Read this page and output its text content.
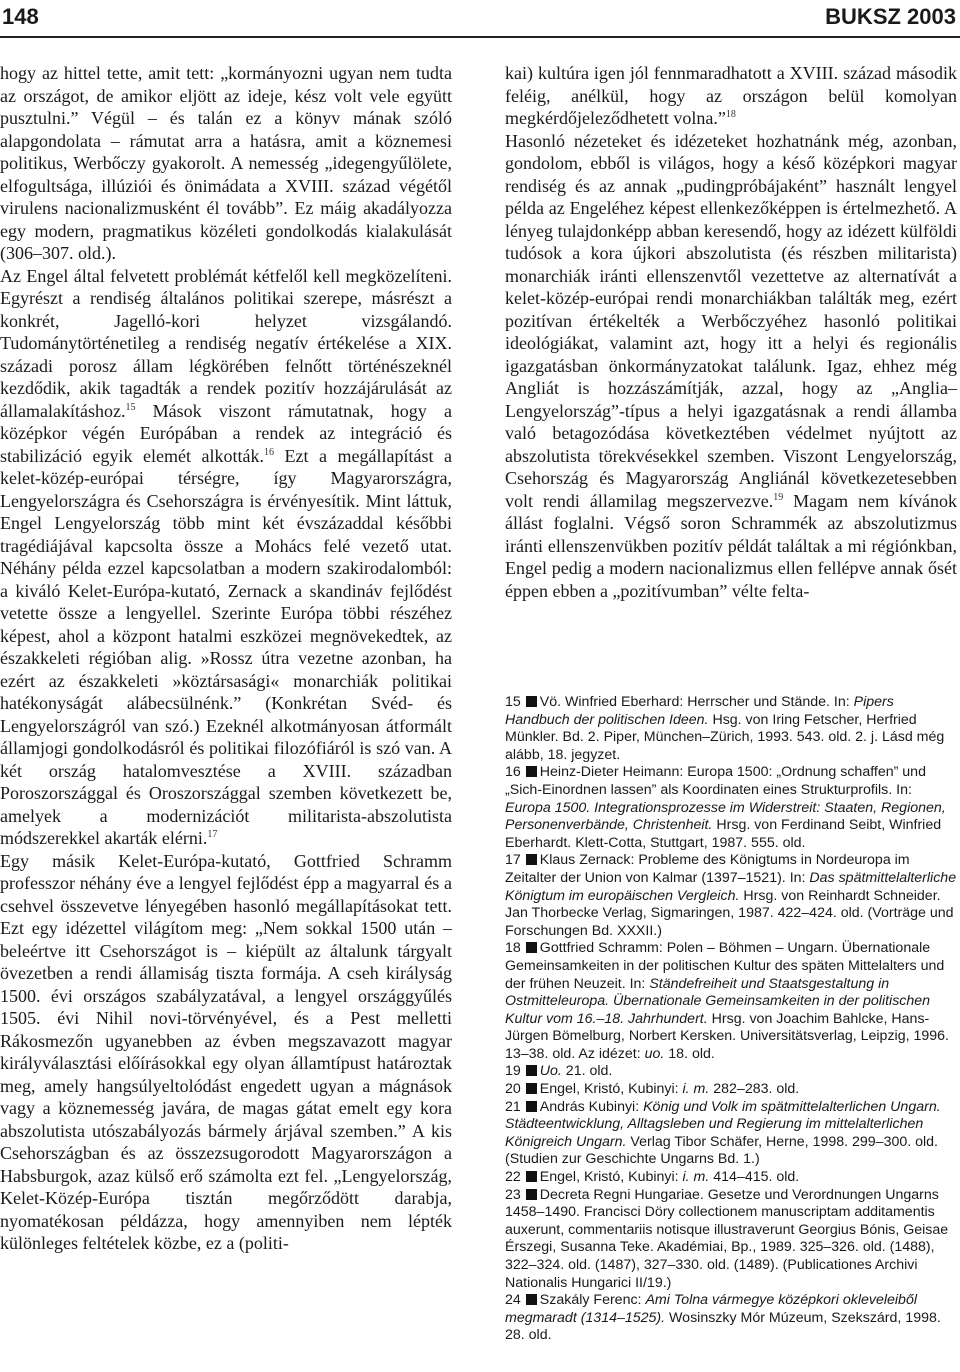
148	BUKSZ 2003

hogy az hittel tette, amit tett: „kormányozni ugyan nem tudta az országot, de amikor eljött az ideje, kész volt vele együtt pusztulni.” Végül – és talán ez a könyv mának szóló alapgondolata – rámutat arra a hatásra, amit a köznemesi politikus, Werbőczy gyakorolt. A nemesség „idegengyűlölete, elfogultsága, illúziói és önimádata a XVIII. század végétől virulens nacionalizmusként él tovább”. Ez máig akadályozza egy modern, pragmatikus közéleti gondolkodás kialakulását (306–307. old.).

Az Engel által felvetett problémát kétfelől kell megközelíteni. Egyrészt a rendiség általános politikai szerepe, másrészt a konkrét, Jagelló-kori helyzet vizsgálandó. Tudománytörténetileg a rendiség negatív értékelése a XIX. századi porosz állam légkörében felnőtt történészeknél kezdődik, akik tagadták a rendek pozitív hozzájárulását az államalakításhoz.$^{15}$ Mások viszont rámutatnak, hogy a középkor végén Európában a rendek az integráció és stabilizáció egyik elemét alkották.$^{16}$ Ezt a megállapítást a kelet-közép-európai térségre, így Magyarországra, Lengyelországra és Csehországra is érvényesítik. Mint láttuk, Engel Lengyelország több mint két évszázaddal későbbi tragédiájával kapcsolta össze a Mohács felé vezető utat. Néhány példa ezzel kapcsolatban a modern szakirodalomból: a kiváló Kelet-Európa-kutató, Zernack a skandináv fejlődést vetette össze a lengyellel. Szerinte Európa többi részéhez képest, ahol a központ hatalmi eszközei megnövekedtek, az északkeleti régióban alig. »Rossz útra vezetne azonban, ha ezért az északkeleti »köztársasági« monarchiák politikai hatékonyságát alábecsülnénk.” (Konkrétan Svéd- és Lengyelországról van szó.) Ezeknél alkotmányosan átformált államjogi gondolkodásról és politikai filozófiáról is szó van. A két ország hatalomvesztése a XVIII. században Poroszországgal és Oroszországgal szemben következett be, amelyek a modernizációt militarista-abszolutista módszerekkel akarták elérni.$^{17}$

Egy másik Kelet-Európa-kutató, Gottfried Schramm professzor néhány éve a lengyel fejlődést épp a magyarral és a csehvel összevetve lényegében hasonló megállapításokat tett. Ezt egy idézettel világítom meg: „Nem sokkal 1500 után – beleértve itt Csehországot is – kiépült az általunk tárgyalt övezetben a rendi államiság tiszta formája. A cseh királyság 1500. évi országos szabályzatával, a lengyel országgyűlés 1505. évi Nihil novi-törvényével, és a Pest melletti Rákosmezőn ugyanebben az évben megszavazott magyar királyválasztási előírásokkal egy olyan államtípust határoztak meg, amely hangsúlyeltolódást engedett ugyan a mágnások vagy a köznemesség javára, de magas gátat emelt egy kora abszolutista utószabályozás bármely árjával szemben.” A kis Csehországban és az összezsugorodott Magyarországon a Habsburgok, azaz külső erő számolta ezt fel. „Lengyelország, Kelet-Közép-Európa tisztán megőrződött darabja, nyomatékosan példázza, hogy amennyiben nem lépték különleges feltételek közbe, ez a (politi-

kai) kultúra igen jól fennmaradhatott a XVIII. század második feléig, anélkül, hogy az országon belül komolyan megkérdőjeleződhetett volna.”$^{18}$

Hasonló nézeteket és idézeteket hozhatnánk még, azonban, gondolom, ebből is világos, hogy a késő középkori magyar rendiség és az annak „pudingpróbájaként” használt lengyel példa az Engeléhez képest ellenkezőképpen is értelmezhető. A lényeg tulajdonképp abban keresendő, hogy az idézett külföldi tudósok a kora újkori abszolutista (és részben militarista) monarchiák iránti ellenszenvtől vezettetve az alternatívát a kelet-közép-európai rendi monarchiákban találták meg, ezért pozitívan értékelték a Werbőczyéhez hasonló politikai ideológiákat, valamint azt, hogy itt a helyi és regionális igazgatásban önkormányzatokat találunk. Igaz, ehhez még Angliát is hozzászámítják, azzal, hogy az „Anglia–Lengyelország”-típus a helyi igazgatásnak a rendi államba való betagozódása következtében védelmet nyújtott az abszolutista törekvésekkel szemben. Viszont Lengyelország, Csehország és Magyarország Angliánál következetesebben volt rendi államilag megszervezve.$^{19}$ Magam nem kívánok állást foglalni. Végső soron Schrammék az abszolutizmus iránti ellenszenvükben pozitív példát találtak a mi régiónkban, Engel pedig a modern nacionalizmus ellen fellépve annak ősét éppen ebben a „pozitívumban” vélte felta-

15 Vö. Winfried Eberhard: Herrscher und Stände. In: Pipers Handbuch der politischen Ideen. Hsg. von Iring Fetscher, Herfried Münkler. Bd. 2. Piper, München–Zürich, 1993. 543. old. 2. j. Lásd még alább, 18. jegyzet.
16 Heinz-Dieter Heimann: Europa 1500: „Ordnung schaffen” und „Sich-Einordnen lassen” als Koordinaten eines Strukturprofils. In: Europa 1500. Integrationsprozesse im Widerstreit: Staaten, Regionen, Personenverbände, Christenheit. Hrsg. von Ferdinand Seibt, Winfried Eberhardt. Klett-Cotta, Stuttgart, 1987. 555. old.
17 Klaus Zernack: Probleme des Königtums in Nordeuropa im Zeitalter der Union von Kalmar (1397–1521). In: Das spätmittelalterliche Königtum im europäischen Vergleich. Hrsg. von Reinhardt Schneider. Jan Thorbecke Verlag, Sigmaringen, 1987. 422–424. old. (Vorträge und Forschungen Bd. XXXII.)
18 Gottfried Schramm: Polen – Böhmen – Ungarn. Übernationale Gemeinsamkeiten in der politischen Kultur des späten Mittelalters und der frühen Neuzeit. In: Ständefreiheit und Staatsgestaltung in Ostmitteleuropa. Übernationale Gemeinsamkeiten in der politischen Kultur vom 16.–18. Jahrhundert. Hrsg. von Joachim Bahlcke, Hans-Jürgen Bömelburg, Norbert Kersken. Universitätsverlag, Leipzig, 1996. 13–38. old. Az idézet: uo. 18. old.
19 Uo. 21. old.
20 Engel, Kristó, Kubinyi: i. m. 282–283. old.
21 András Kubinyi: König und Volk im spätmittelalterlichen Ungarn. Städteentwicklung, Alltagsleben und Regierung im mittelalterlichen Königreich Ungarn. Verlag Tibor Schäfer, Herne, 1998. 299–300. old. (Studien zur Geschichte Ungarns Bd. 1.)
22 Engel, Kristó, Kubinyi: i. m. 414–415. old.
23 Decreta Regni Hungariae. Gesetze und Verordnungen Ungarns 1458–1490. Francisci Döry collectionem manuscriptam additamentis auxerunt, commentariis notisque illustraverunt Georgius Bónis, Geisae Érszegi, Susanna Teke. Akadémiai, Bp., 1989. 325–326. old. (1488), 322–324. old. (1487), 327–330. old. (1489). (Publicationes Archivi Nationalis Hungarici II/19.)
24 Szakály Ferenc: Ami Tolna vármegye középkori okleveleiből megmaradt (1314–1525). Wosinszky Mór Múzeum, Szekszárd, 1998. 28. old.
